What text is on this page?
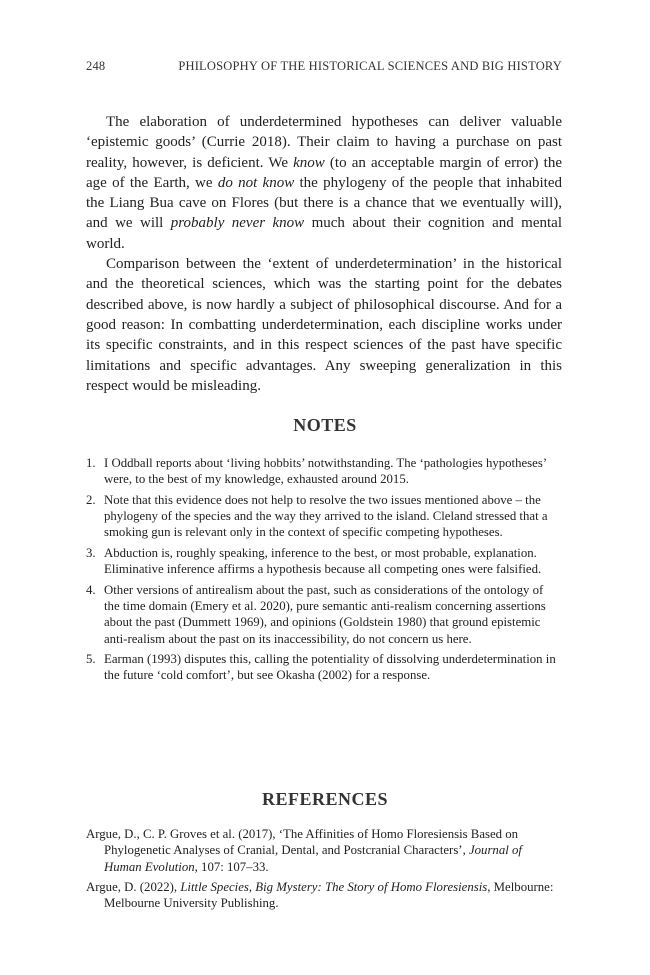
248	PHILOSOPHY OF THE HISTORICAL SCIENCES AND BIG HISTORY

The elaboration of underdetermined hypotheses can deliver valuable ‘epistemic goods’ (Currie 2018). Their claim to having a purchase on past reality, however, is deficient. We know (to an acceptable margin of error) the age of the Earth, we do not know the phylogeny of the people that inhabited the Liang Bua cave on Flores (but there is a chance that we eventually will), and we will probably never know much about their cognition and mental world.

Comparison between the ‘extent of underdetermination’ in the historical and the theoretical sciences, which was the starting point for the debates described above, is now hardly a subject of philosophical discourse. And for a good reason: In combatting underdetermination, each discipline works under its specific constraints, and in this respect sciences of the past have specific limitations and specific advantages. Any sweeping generalization in this respect would be misleading.

NOTES
1. I Oddball reports about ‘living hobbits’ notwithstanding. The ‘pathologies hypotheses’ were, to the best of my knowledge, exhausted around 2015.
2. Note that this evidence does not help to resolve the two issues mentioned above – the phylogeny of the species and the way they arrived to the island. Cleland stressed that a smoking gun is relevant only in the context of specific competing hypotheses.
3. Abduction is, roughly speaking, inference to the best, or most probable, explanation. Eliminative inference affirms a hypothesis because all competing ones were falsified.
4. Other versions of antirealism about the past, such as considerations of the ontology of the time domain (Emery et al. 2020), pure semantic anti-realism concerning assertions about the past (Dummett 1969), and opinions (Goldstein 1980) that ground epistemic anti-realism about the past on its inaccessibility, do not concern us here.
5. Earman (1993) disputes this, calling the potentiality of dissolving underdetermination in the future ‘cold comfort’, but see Okasha (2002) for a response.
REFERENCES
Argue, D., C. P. Groves et al. (2017), ‘The Affinities of Homo Floresiensis Based on Phylogenetic Analyses of Cranial, Dental, and Postcranial Characters’, Journal of Human Evolution, 107: 107–33.
Argue, D. (2022), Little Species, Big Mystery: The Story of Homo Floresiensis, Melbourne: Melbourne University Publishing.
